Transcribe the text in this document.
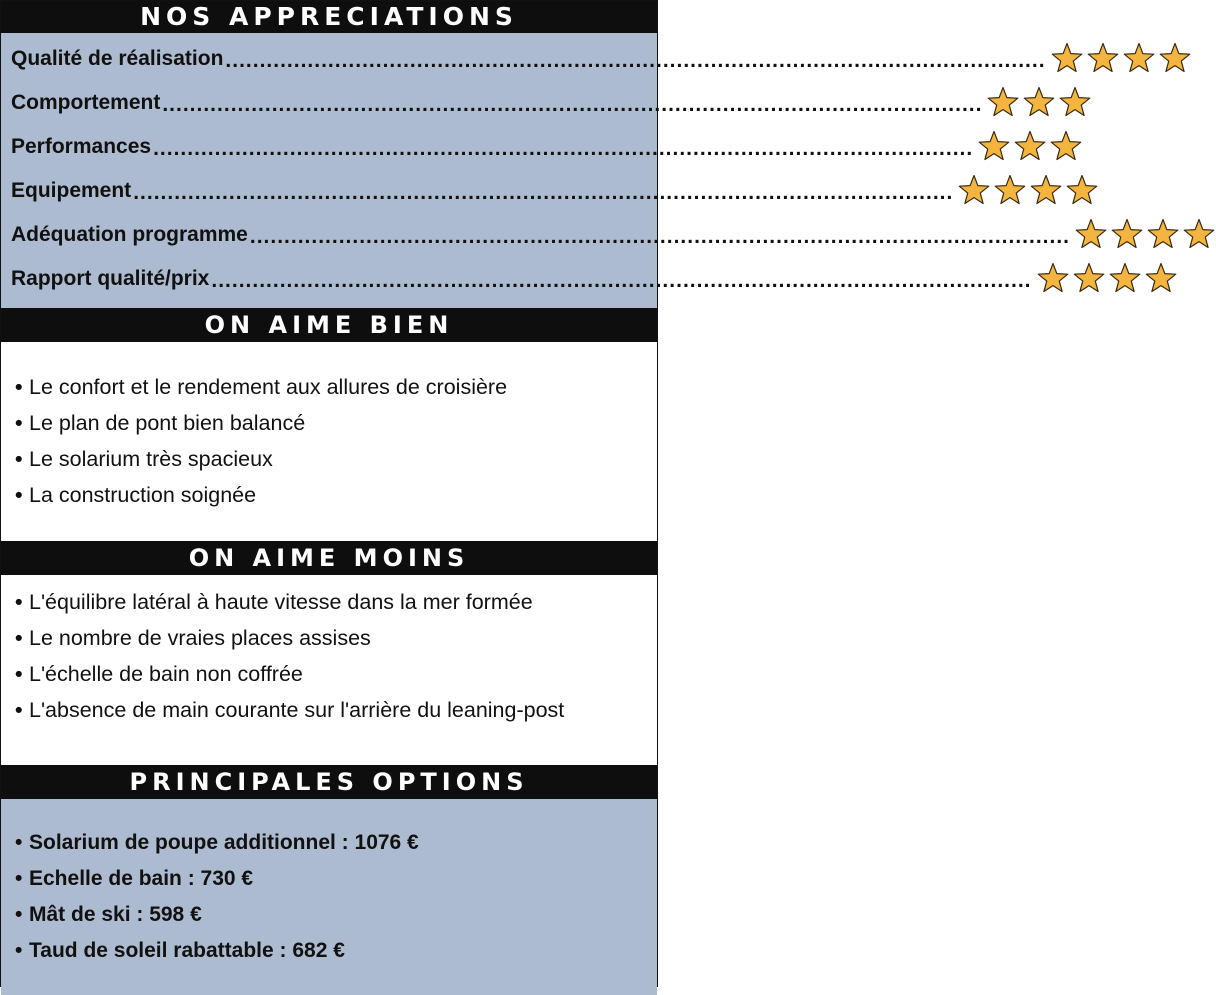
NOS APPRECIATIONS
Qualité de réalisation ........................................................................................................................
Comportement ........................................................................................................................
Performances ........................................................................................................................
Equipement ........................................................................................................................
Adéquation programme ........................................................................................................................
Rapport qualité/prix ........................................................................................................................
ON AIME BIEN
• Le confort et le rendement aux allures de croisière
• Le plan de pont bien balancé
• Le solarium très spacieux
• La construction soignée
ON AIME MOINS
• L'équilibre latéral à haute vitesse dans la mer formée
• Le nombre de vraies places assises
• L'échelle de bain non coffrée
• L'absence de main courante sur l'arrière du leaning-post
PRINCIPALES OPTIONS
• Solarium de poupe additionnel : 1076 €
• Echelle de bain : 730 €
• Mât de ski : 598 €
• Taud de soleil rabattable : 682 €
